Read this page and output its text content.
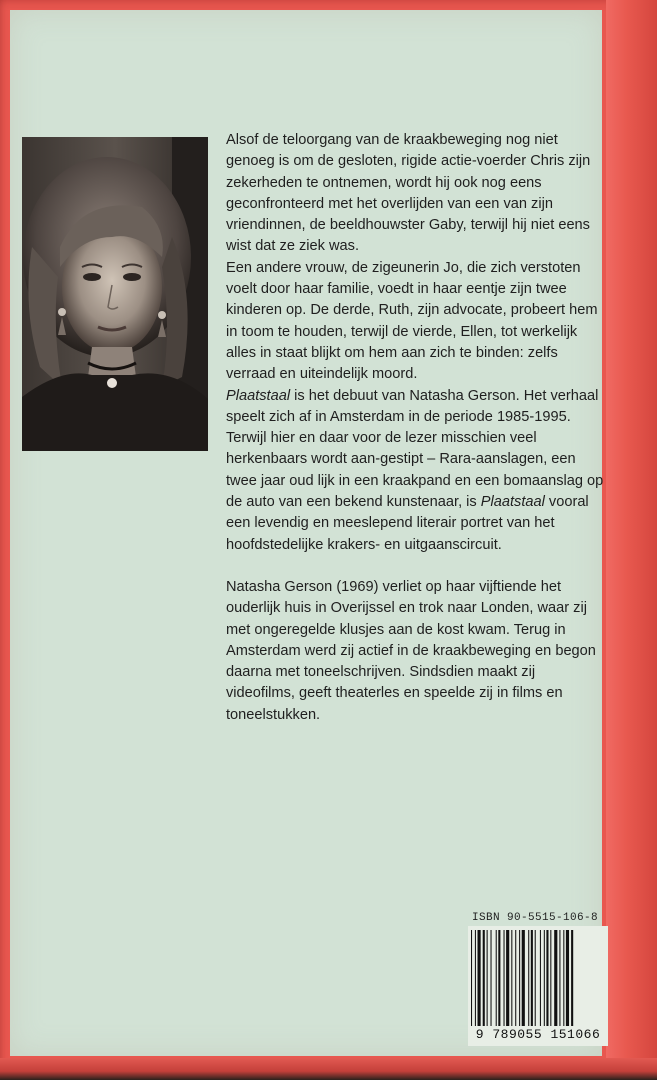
Alsof de teloorgang van de kraakbeweging nog niet genoeg is om de gesloten, rigide actie-voerder Chris zijn zekerheden te ontnemen, wordt hij ook nog eens geconfronteerd met het overlijden van een van zijn vriendinnen, de beeldhouwster Gaby, terwijl hij niet eens wist dat ze ziek was.

Een andere vrouw, de zigeunerin Jo, die zich verstoten voelt door haar familie, voedt in haar eentje zijn twee kinderen op. De derde, Ruth, zijn advocate, probeert hem in toom te houden, terwijl de vierde, Ellen, tot werkelijk alles in staat blijkt om hem aan zich te binden: zelfs verraad en uiteindelijk moord.

Plaatstaal is het debuut van Natasha Gerson. Het verhaal speelt zich af in Amsterdam in de periode 1985-1995. Terwijl hier en daar voor de lezer misschien veel herkenbaars wordt aan-gestipt – Rara-aanslagen, een twee jaar oud lijk in een kraakpand en een bomaanslag op de auto van een bekend kunstenaar, is Plaatstaal vooral een levendig en meeslepend literair portret van het hoofdstedelijke krakers- en uitgaanscircuit.

Natasha Gerson (1969) verliet op haar vijftiende het ouderlijk huis in Overijssel en trok naar Londen, waar zij met ongeregelde klusjes aan de kost kwam. Terug in Amsterdam werd zij actief in de kraakbeweging en begon daarna met toneelschrijven. Sindsdien maakt zij videofilms, geeft theaterles en speelde zij in films en toneelstukken.

ISBN 90-5515-106-8
9 789055 151066
